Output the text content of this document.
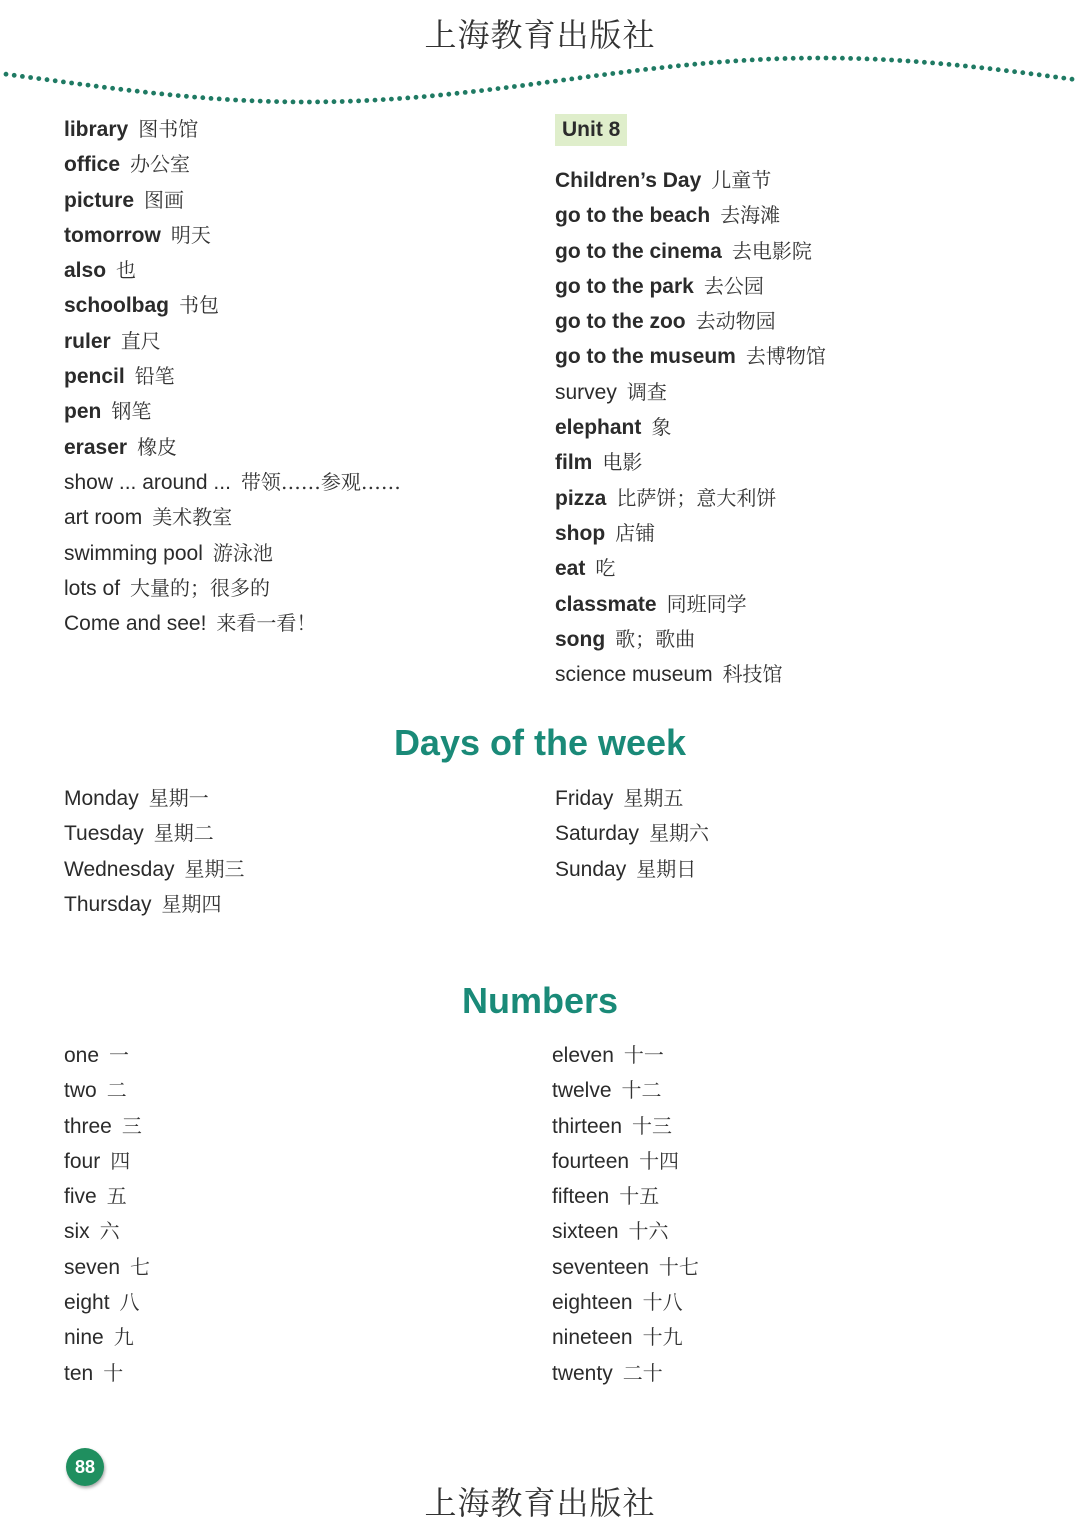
上海教育出版社
library 图书馆
office 办公室
picture 图画
tomorrow 明天
also 也
schoolbag 书包
ruler 直尺
pencil 铅笔
pen 钢笔
eraser 橡皮
show ... around ... 带领……参观……
art room 美术教室
swimming pool 游泳池
lots of 大量的；很多的
Come and see! 来看一看！
Unit 8
Children’s Day 儿童节
go to the beach 去海滩
go to the cinema 去电影院
go to the park 去公园
go to the zoo 去动物园
go to the museum 去博物馆
survey 调查
elephant 象
film 电影
pizza 比萨饼；意大利饼
shop 店铺
eat 吃
classmate 同班同学
song 歌；歌曲
science museum 科技馆
Days of the week
Monday 星期一
Tuesday 星期二
Wednesday 星期三
Thursday 星期四
Friday 星期五
Saturday 星期六
Sunday 星期日
Numbers
one 一
two 二
three 三
four 四
five 五
six 六
seven 七
eight 八
nine 九
ten 十
eleven 十一
twelve 十二
thirteen 十三
fourteen 十四
fifteen 十五
sixteen 十六
seventeen 十七
eighteen 十八
nineteen 十九
twenty 二十
88
上海教育出版社
